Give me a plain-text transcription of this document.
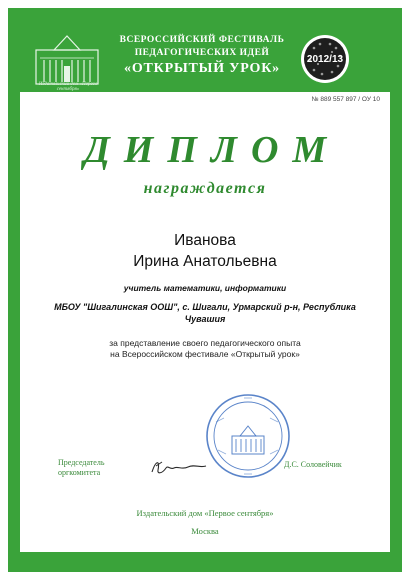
Издательский дом «Первое сентября»
ВСЕРОССИЙСКИЙ ФЕСТИВАЛЬ
ПЕДАГОГИЧЕСКИХ ИДЕЙ
«ОТКРЫТЫЙ УРОК»
2012/13
№ 889 557 897 / ОУ 10
ДИПЛОМ
награждается
Иванова
Ирина Анатольевна
учитель математики, информатики
МБОУ "Шигалинская ООШ", с. Шигали, Урмарский р-н, Республика
Чувашия
за представление своего педагогического опыта
на Всероссийском фестивале «Открытый урок»
Председатель
оргкомитета
Д.С. Соловейчик
Издательский дом «Первое сентября»
Москва
